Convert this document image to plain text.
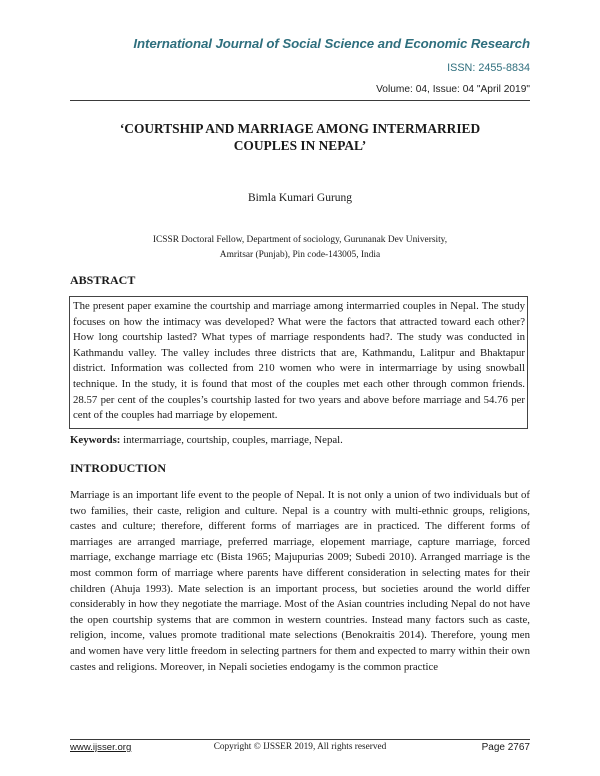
International Journal of Social Science and Economic Research
ISSN: 2455-8834
Volume: 04, Issue: 04 "April 2019"
‘COURTSHIP AND MARRIAGE AMONG INTERMARRIED
COUPLES IN NEPAL’
Bimla Kumari Gurung
ICSSR Doctoral Fellow, Department of sociology, Gurunanak Dev University,
Amritsar (Punjab), Pin code-143005, India
ABSTRACT
The present paper examine the courtship and marriage among intermarried couples in Nepal. The study focuses on how the intimacy was developed? What were the factors that attracted toward each other? How long courtship lasted? What types of marriage respondents had?. The study was conducted in Kathmandu valley. The valley includes three districts that are, Kathmandu, Lalitpur and Bhaktapur district. Information was collected from 210 women who were in intermarriage by using snowball technique. In the study, it is found that most of the couples met each other through common friends. 28.57 per cent of the couples’s courtship lasted for two years and above before marriage and 54.76 per cent of the couples had marriage by elopement.
Keywords: intermarriage, courtship, couples, marriage, Nepal.
INTRODUCTION

Marriage is an important life event to the people of Nepal. It is not only a union of two individuals but of two families, their caste, religion and culture. Nepal is a country with multi-ethnic groups, religions, castes and culture; therefore, different forms of marriages are in practiced. The different forms of marriages are arranged marriage, preferred marriage, elopement marriage, capture marriage, forced marriage, exchange marriage etc (Bista 1965; Majupurias 2009; Subedi 2010). Arranged marriage is the most common form of marriage where parents have different consideration in selecting mates for their children (Ahuja 1993). Mate selection is an important process, but societies around the world differ considerably in how they negotiate the marriage. Most of the Asian countries including Nepal do not have the open courtship systems that are common in western countries. Instead many factors such as caste, religion, income, values promote traditional mate selections (Benokraitis 2014). Therefore, young men and women have very little freedom in selecting partners for them and expected to marry within their own castes and religions. Moreover, in Nepali societies endogamy is the common practice

Copyright © IJSSER 2019, All rights reserved
www.ijsser.org	Page 2767
